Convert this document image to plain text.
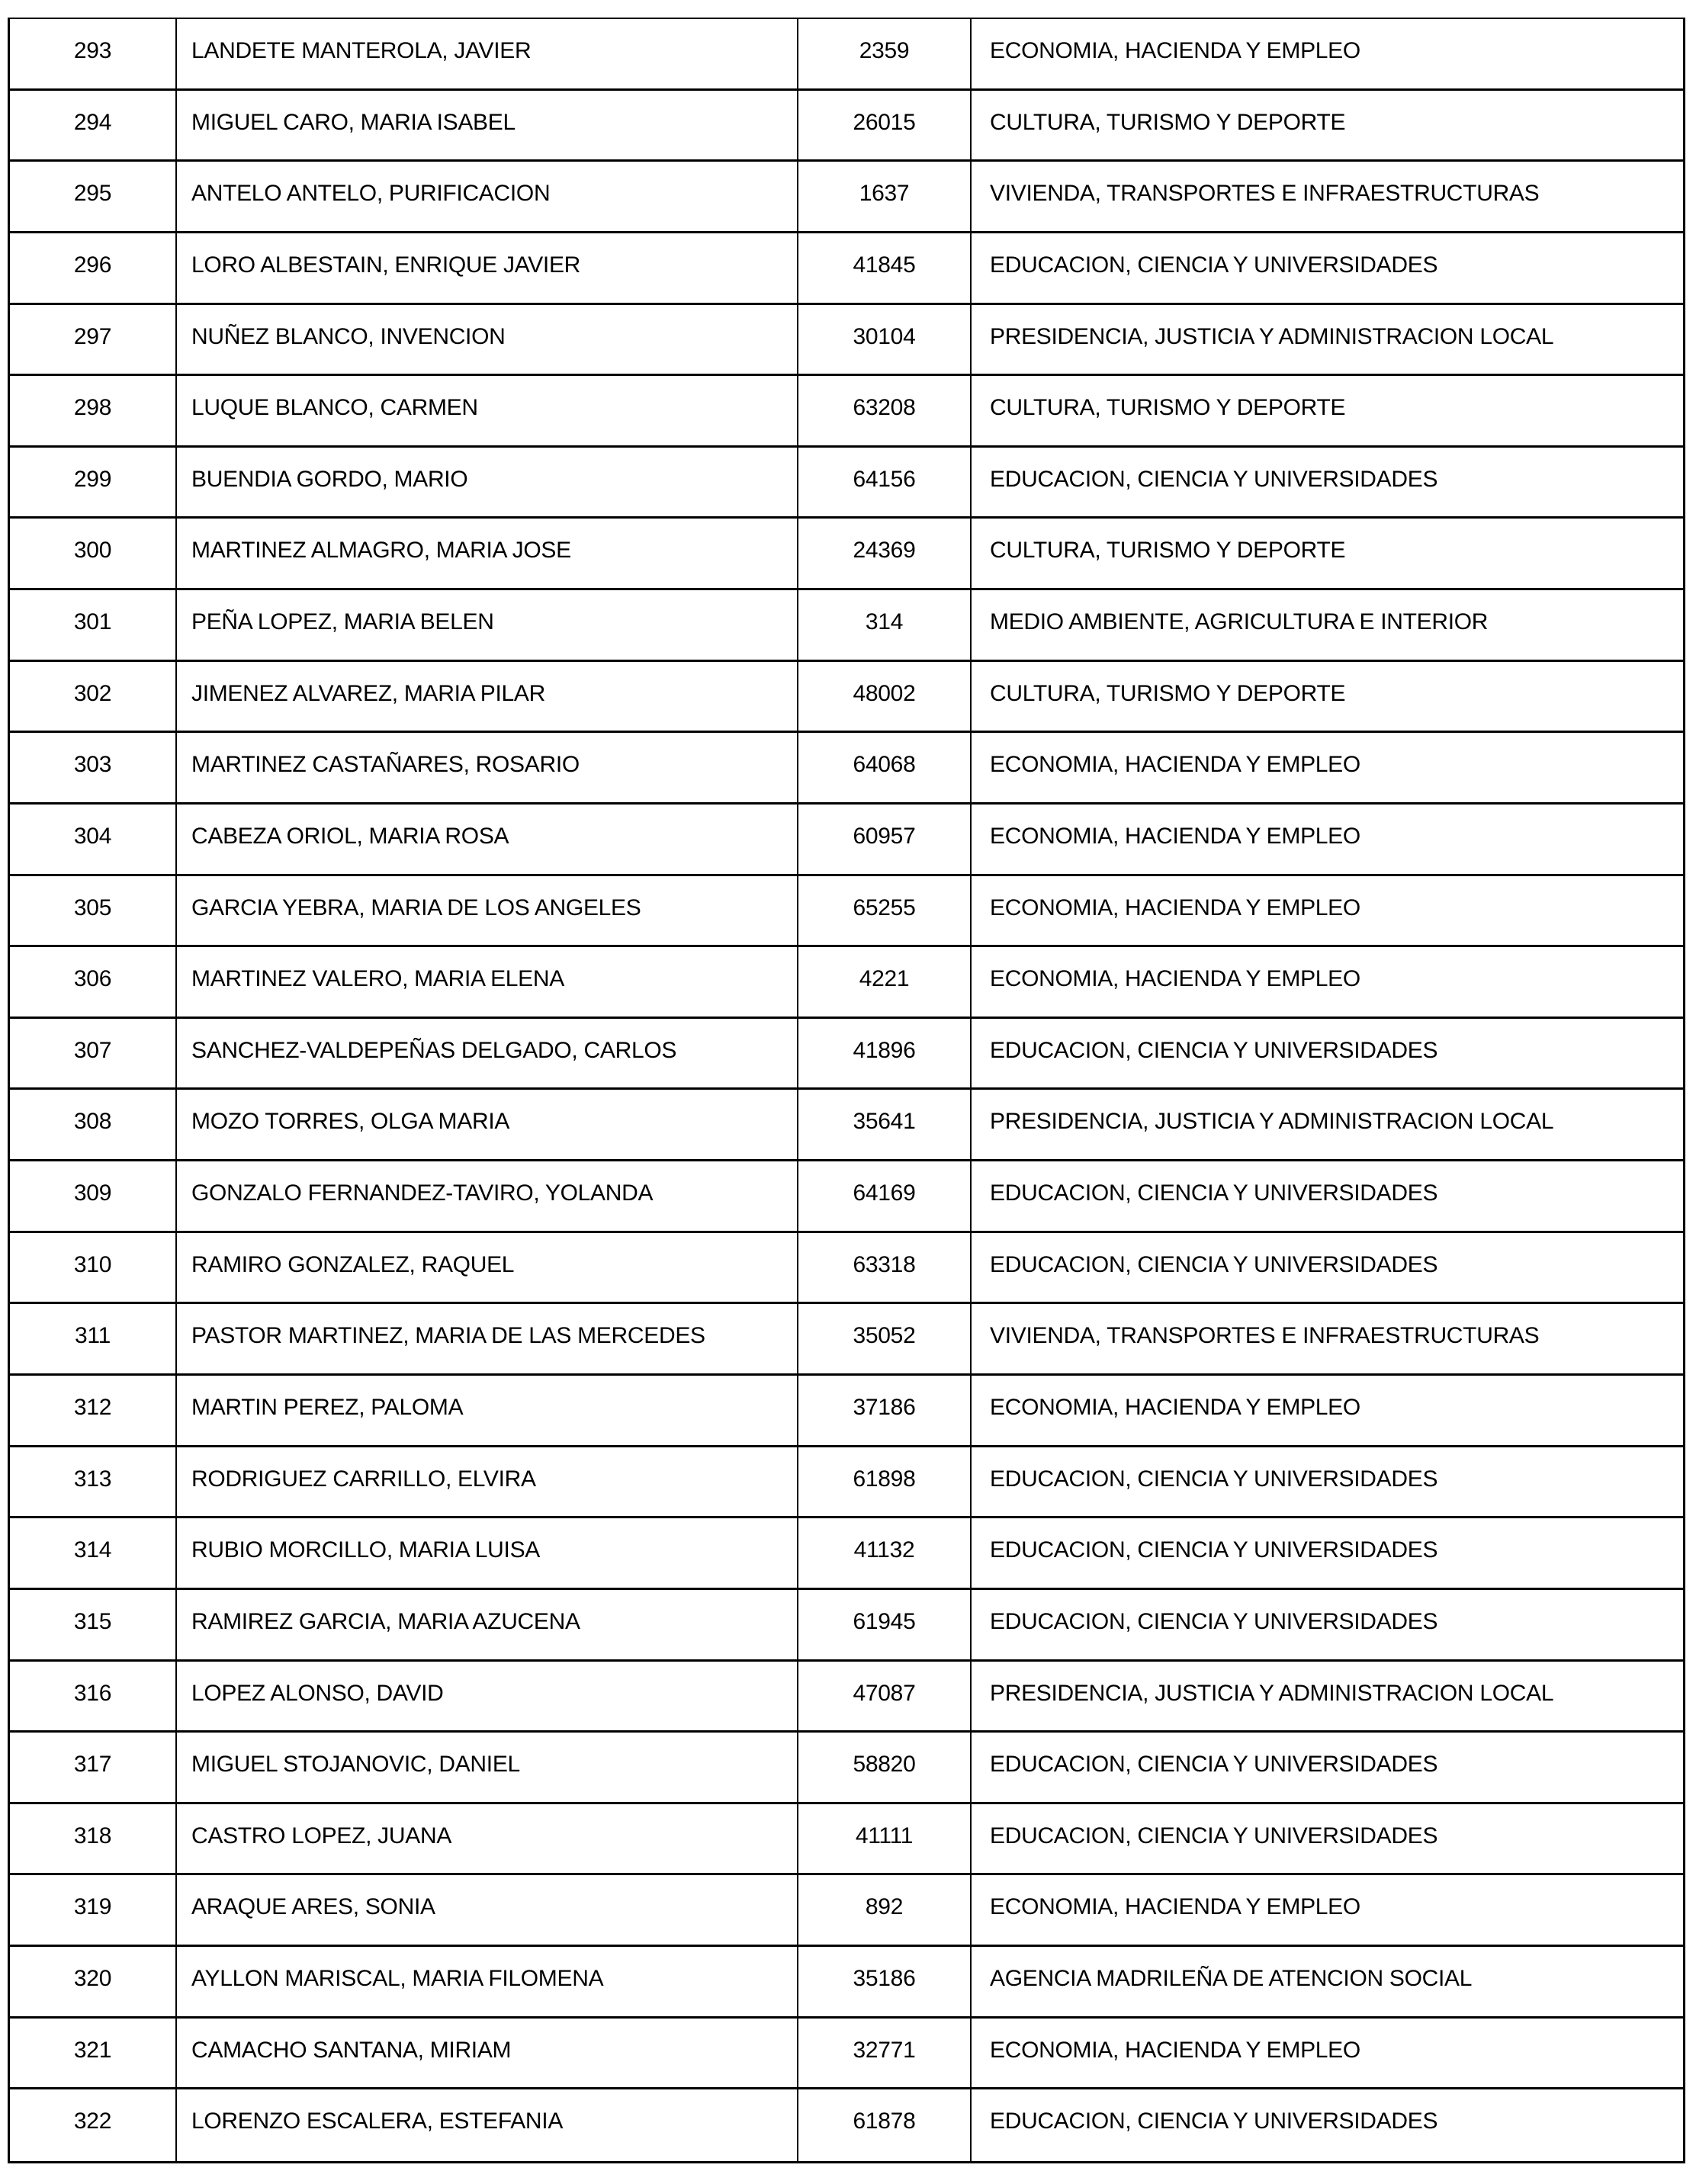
293	LANDETE MANTEROLA, JAVIER	2359	ECONOMIA, HACIENDA Y EMPLEO
294	MIGUEL CARO, MARIA ISABEL	26015	CULTURA, TURISMO Y DEPORTE
295	ANTELO ANTELO, PURIFICACION	1637	VIVIENDA, TRANSPORTES E INFRAESTRUCTURAS
296	LORO ALBESTAIN, ENRIQUE JAVIER	41845	EDUCACION, CIENCIA Y UNIVERSIDADES
297	NUÑEZ BLANCO, INVENCION	30104	PRESIDENCIA, JUSTICIA Y ADMINISTRACION LOCAL
298	LUQUE BLANCO, CARMEN	63208	CULTURA, TURISMO Y DEPORTE
299	BUENDIA GORDO, MARIO	64156	EDUCACION, CIENCIA Y UNIVERSIDADES
300	MARTINEZ ALMAGRO, MARIA JOSE	24369	CULTURA, TURISMO Y DEPORTE
301	PEÑA LOPEZ, MARIA BELEN	314	MEDIO AMBIENTE, AGRICULTURA E INTERIOR
302	JIMENEZ ALVAREZ, MARIA PILAR	48002	CULTURA, TURISMO Y DEPORTE
303	MARTINEZ CASTAÑARES, ROSARIO	64068	ECONOMIA, HACIENDA Y EMPLEO
304	CABEZA ORIOL, MARIA ROSA	60957	ECONOMIA, HACIENDA Y EMPLEO
305	GARCIA YEBRA, MARIA DE LOS ANGELES	65255	ECONOMIA, HACIENDA Y EMPLEO
306	MARTINEZ VALERO, MARIA ELENA	4221	ECONOMIA, HACIENDA Y EMPLEO
307	SANCHEZ-VALDEPEÑAS DELGADO, CARLOS	41896	EDUCACION, CIENCIA Y UNIVERSIDADES
308	MOZO TORRES, OLGA MARIA	35641	PRESIDENCIA, JUSTICIA Y ADMINISTRACION LOCAL
309	GONZALO FERNANDEZ-TAVIRO, YOLANDA	64169	EDUCACION, CIENCIA Y UNIVERSIDADES
310	RAMIRO GONZALEZ, RAQUEL	63318	EDUCACION, CIENCIA Y UNIVERSIDADES
311	PASTOR MARTINEZ, MARIA DE LAS MERCEDES	35052	VIVIENDA, TRANSPORTES E INFRAESTRUCTURAS
312	MARTIN PEREZ, PALOMA	37186	ECONOMIA, HACIENDA Y EMPLEO
313	RODRIGUEZ CARRILLO, ELVIRA	61898	EDUCACION, CIENCIA Y UNIVERSIDADES
314	RUBIO MORCILLO, MARIA LUISA	41132	EDUCACION, CIENCIA Y UNIVERSIDADES
315	RAMIREZ GARCIA, MARIA AZUCENA	61945	EDUCACION, CIENCIA Y UNIVERSIDADES
316	LOPEZ ALONSO, DAVID	47087	PRESIDENCIA, JUSTICIA Y ADMINISTRACION LOCAL
317	MIGUEL STOJANOVIC, DANIEL	58820	EDUCACION, CIENCIA Y UNIVERSIDADES
318	CASTRO LOPEZ, JUANA	41111	EDUCACION, CIENCIA Y UNIVERSIDADES
319	ARAQUE ARES, SONIA	892	ECONOMIA, HACIENDA Y EMPLEO
320	AYLLON MARISCAL, MARIA FILOMENA	35186	AGENCIA MADRILEÑA DE ATENCION SOCIAL
321	CAMACHO SANTANA, MIRIAM	32771	ECONOMIA, HACIENDA Y EMPLEO
322	LORENZO ESCALERA, ESTEFANIA	61878	EDUCACION, CIENCIA Y UNIVERSIDADES
